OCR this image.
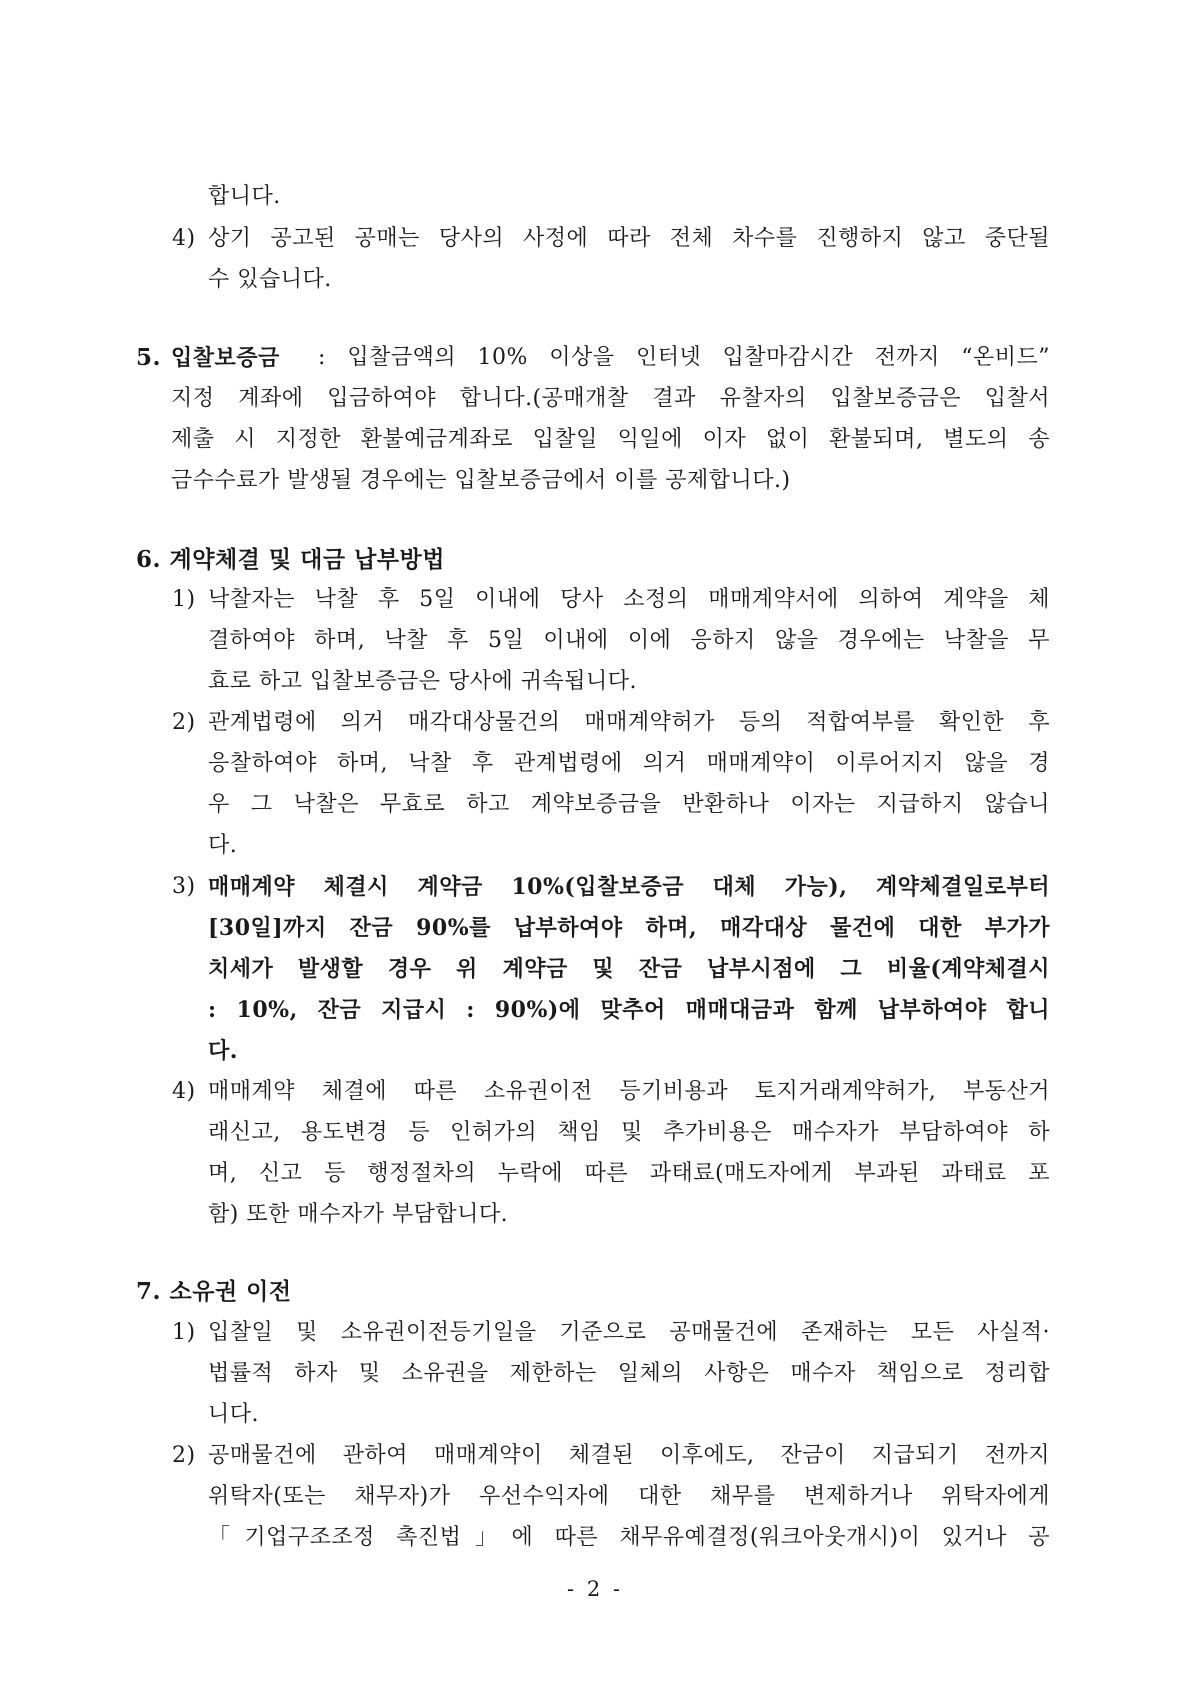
합니다.
4) 상기 공고된 공매는 당사의 사정에 따라 전체 차수를 진행하지 않고 중단될
수 있습니다.
5. 입찰보증금	: 입찰금액의 10% 이상을 인터넷 입찰마감시간 전까지 “온비드”
지정 계좌에 입금하여야 합니다.(공매개찰 결과 유찰자의 입찰보증금은 입찰서
제출 시 지정한 환불예금계좌로 입찰일 익일에 이자 없이 환불되며, 별도의 송
금수수료가 발생될 경우에는 입찰보증금에서 이를 공제합니다.)
6. 계약체결 및 대금 납부방법
1) 낙찰자는 낙찰 후 5일 이내에 당사 소정의 매매계약서에 의하여 계약을 체
결하여야 하며, 낙찰 후 5일 이내에 이에 응하지 않을 경우에는 낙찰을 무
효로 하고 입찰보증금은 당사에 귀속됩니다.
2) 관계법령에 의거 매각대상물건의 매매계약허가 등의 적합여부를 확인한 후
응찰하여야 하며, 낙찰 후 관계법령에 의거 매매계약이 이루어지지 않을 경
우 그 낙찰은 무효로 하고 계약보증금을 반환하나 이자는 지급하지 않습니
다.
3) 매매계약 체결시 계약금 10%(입찰보증금 대체 가능), 계약체결일로부터
[30일]까지 잔금 90%를 납부하여야 하며, 매각대상 물건에 대한 부가가
치세가 발생할 경우 위 계약금 및 잔금 납부시점에 그 비율(계약체결시
: 10%, 잔금 지급시 : 90%)에 맞추어 매매대금과 함께 납부하여야 합니
다.
4) 매매계약 체결에 따른 소유권이전 등기비용과 토지거래계약허가, 부동산거
래신고, 용도변경 등 인허가의 책임 및 추가비용은 매수자가 부담하여야 하
며, 신고 등 행정절차의 누락에 따른 과태료(매도자에게 부과된 과태료 포
함) 또한 매수자가 부담합니다.
7. 소유권 이전
1) 입찰일 및 소유권이전등기일을 기준으로 공매물건에 존재하는 모든 사실적·
법률적 하자 및 소유권을 제한하는 일체의 사항은 매수자 책임으로 정리합
니다.
2) 공매물건에 관하여 매매계약이 체결된 이후에도, 잔금이 지급되기 전까지
위탁자(또는 채무자)가 우선수익자에 대한 채무를 변제하거나 위탁자에게
「기업구조조정 촉진법」에 따른 채무유예결정(워크아웃개시)이 있거나 공
- 2 -
